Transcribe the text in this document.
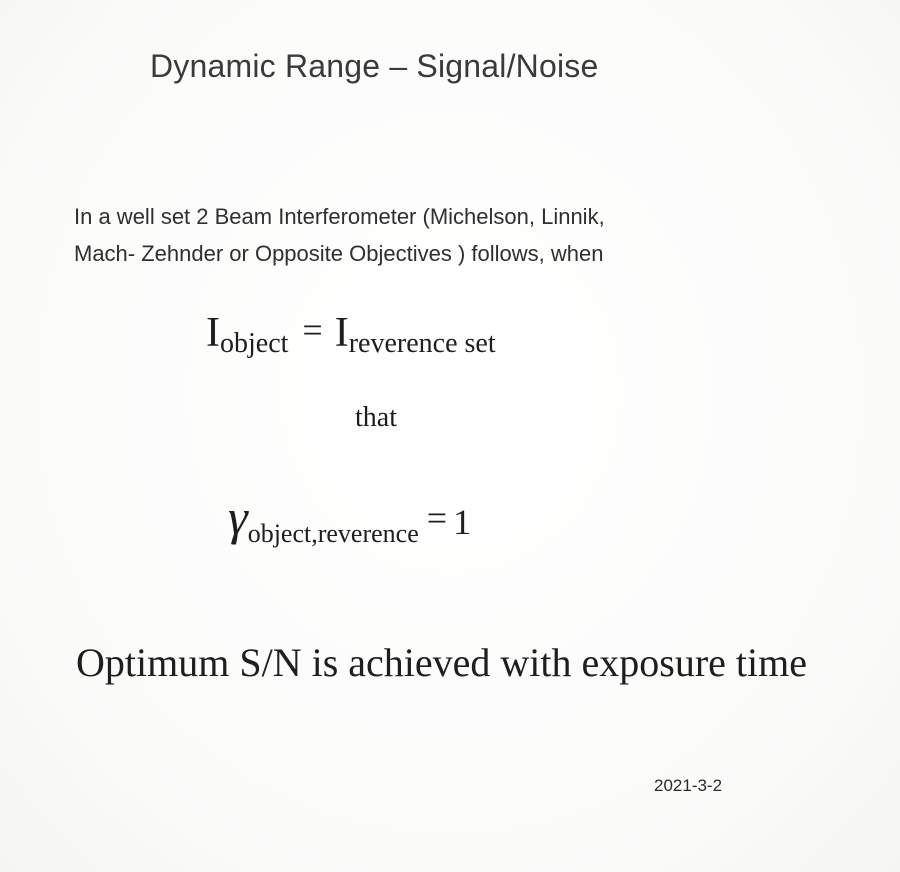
Dynamic Range – Signal/Noise
In a well set 2 Beam Interferometer (Michelson, Linnik,
Mach- Zehnder or Opposite Objectives ) follows, when
Iobject = Ireverence set
that
γobject,reverence = 1
Optimum S/N is achieved with exposure time
2021-3-2
